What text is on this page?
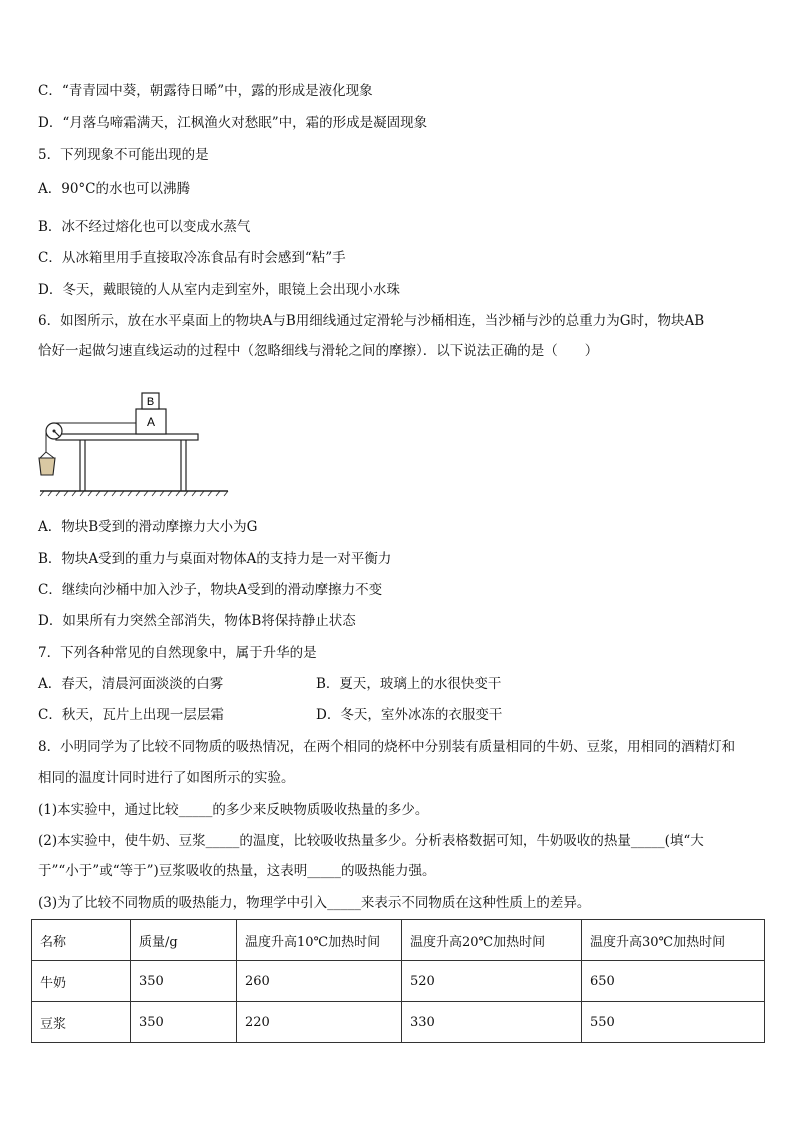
C．“青青园中葵，朝露待日晞”中，露的形成是液化现象
D．“月落乌啼霜满天，江枫渔火对愁眠”中，霜的形成是凝固现象
5．下列现象不可能出现的是
A．90°C的水也可以沸腾
B．冰不经过熔化也可以变成水蒸气
C．从冰箱里用手直接取冷冻食品有时会感到“粘”手
D．冬天，戴眼镜的人从室内走到室外，眼镜上会出现小水珠
6．如图所示，放在水平桌面上的物块A与B用细线通过定滑轮与沙桶相连，当沙桶与沙的总重力为G时，物块AB
恰好一起做匀速直线运动的过程中（忽略细线与滑轮之间的摩擦）．以下说法正确的是（　　）
A
B
A．物块B受到的滑动摩擦力大小为G
B．物块A受到的重力与桌面对物体A的支持力是一对平衡力
C．继续向沙桶中加入沙子，物块A受到的滑动摩擦力不变
D．如果所有力突然全部消失，物体B将保持静止状态
7．下列各种常见的自然现象中，属于升华的是
A．春天，清晨河面淡淡的白雾	B．夏天，玻璃上的水很快变干
C．秋天，瓦片上出现一层层霜	D．冬天，室外冰冻的衣服变干
8．小明同学为了比较不同物质的吸热情况，在两个相同的烧杯中分别装有质量相同的牛奶、豆浆，用相同的酒精灯和
相同的温度计同时进行了如图所示的实验。
(1)本实验中，通过比较_____的多少来反映物质吸收热量的多少。
(2)本实验中，使牛奶、豆浆_____的温度，比较吸收热量多少。分析表格数据可知，牛奶吸收的热量_____(填“大
于”“小于”或“等于”)豆浆吸收的热量，这表明_____的吸热能力强。
(3)为了比较不同物质的吸热能力，物理学中引入_____来表示不同物质在这种性质上的差异。
名称	质量/g	温度升高10℃加热时间	温度升高20℃加热时间	温度升高30℃加热时间
牛奶	350	260	520	650
豆浆	350	220	330	550
